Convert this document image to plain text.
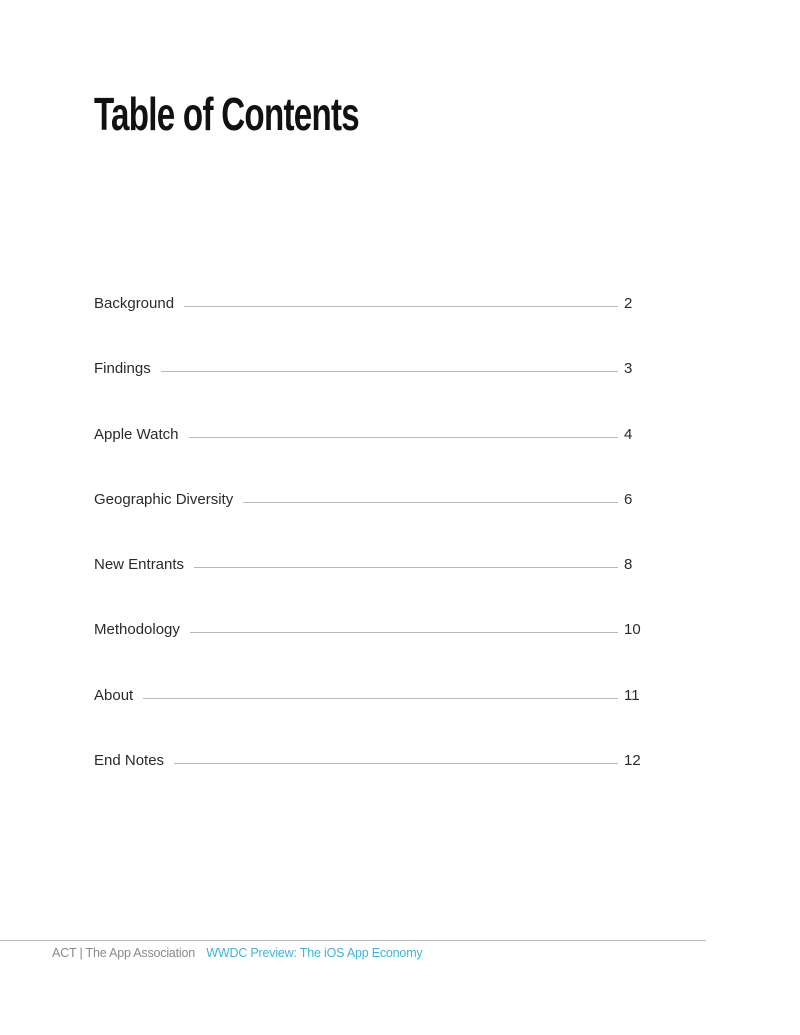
Table of Contents
Background	2
Findings	3
Apple Watch	4
Geographic Diversity	6
New Entrants	8
Methodology	10
About	11
End Notes	12
ACT | The App Association WWDC Preview: The iOS App Economy
